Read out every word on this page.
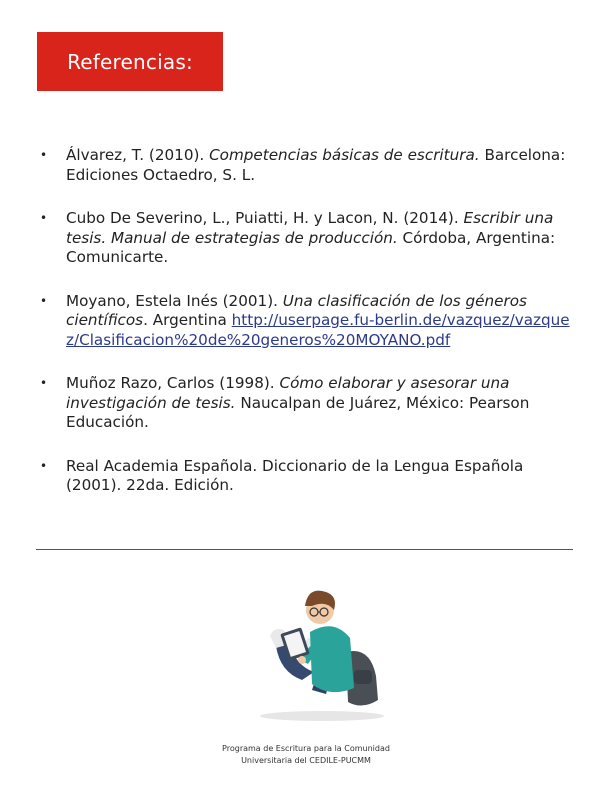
Referencias:
• Álvarez, T. (2010). Competencias básicas de escritura. Barcelona: Ediciones Octaedro, S. L.
• Cubo De Severino, L., Puiatti, H. y Lacon, N. (2014). Escribir una tesis. Manual de estrategias de producción. Córdoba, Argentina: Comunicarte.
• Moyano, Estela Inés (2001). Una clasificación de los géneros científicos. Argentina http://userpage.fu-berlin.de/vazquez/vazquez/Clasificacion%20de%20generos%20MOYANO.pdf
• Muñoz Razo, Carlos (1998). Cómo elaborar y asesorar una investigación de tesis. Naucalpan de Juárez, México: Pearson Educación.
• Real Academia Española. Diccionario de la Lengua Española (2001). 22da. Edición.
Programa de Escritura para la Comunidad
Universitaria del CEDILE-PUCMM
